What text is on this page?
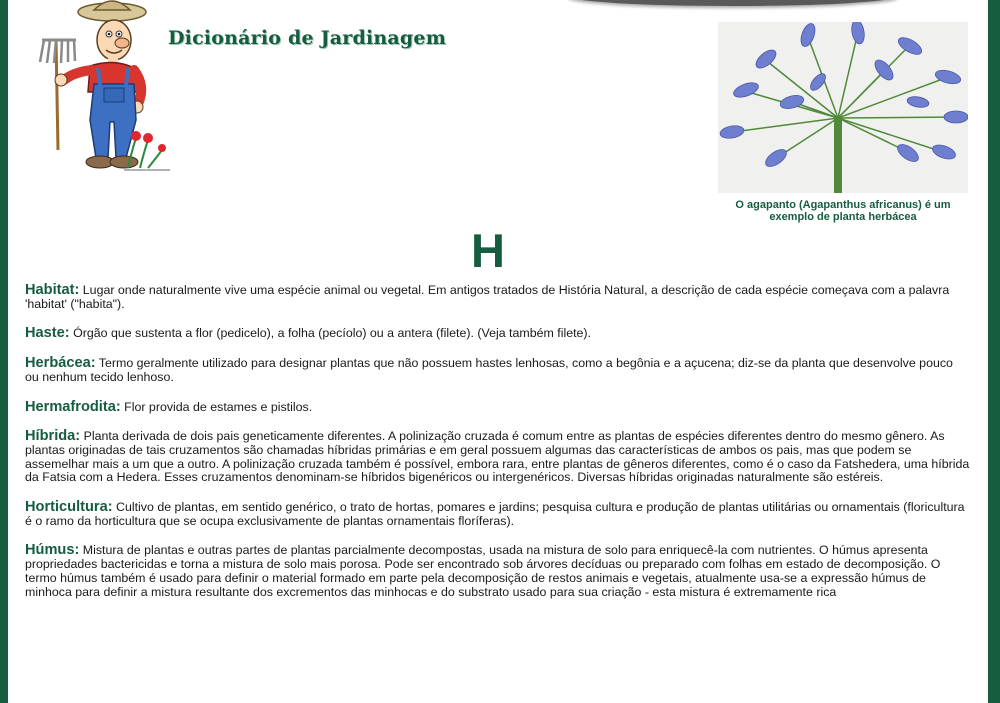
Dicionário de Jardinagem
O agapanto (Agapanthus africanus) é um exemplo de planta herbácea
H

Habitat: Lugar onde naturalmente vive uma espécie animal ou vegetal. Em antigos tratados de História Natural, a descrição de cada espécie começava com a palavra 'habitat' ("habita").

Haste: Órgão que sustenta a flor (pedicelo), a folha (pecíolo) ou a antera (filete). (Veja também filete).

Herbácea: Termo geralmente utilizado para designar plantas que não possuem hastes lenhosas, como a begônia e a açucena; diz-se da planta que desenvolve pouco ou nenhum tecido lenhoso.

Hermafrodita: Flor provida de estames e pistilos.

Híbrida: Planta derivada de dois pais geneticamente diferentes. A polinização cruzada é comum entre as plantas de espécies diferentes dentro do mesmo gênero. As plantas originadas de tais cruzamentos são chamadas híbridas primárias e em geral possuem algumas das características de ambos os pais, mas que podem se assemelhar mais a um que a outro. A polinização cruzada também é possível, embora rara, entre plantas de gêneros diferentes, como é o caso da Fatshedera, uma híbrida da Fatsia com a Hedera. Esses cruzamentos denominam-se híbridos bigenéricos ou intergenéricos. Diversas híbridas originadas naturalmente são estéreis.

Horticultura: Cultivo de plantas, em sentido genérico, o trato de hortas, pomares e jardins; pesquisa cultura e produção de plantas utilitárias ou ornamentais (floricultura é o ramo da horticultura que se ocupa exclusivamente de plantas ornamentais floríferas).

Húmus: Mistura de plantas e outras partes de plantas parcialmente decompostas, usada na mistura de solo para enriquecê-la com nutrientes. O húmus apresenta propriedades bactericidas e torna a mistura de solo mais porosa. Pode ser encontrado sob árvores decíduas ou preparado com folhas em estado de decomposição. O termo húmus também é usado para definir o material formado em parte pela decomposição de restos animais e vegetais, atualmente usa-se a expressão húmus de minhoca para definir a mistura resultante dos excrementos das minhocas e do substrato usado para sua criação - esta mistura é extremamente rica
